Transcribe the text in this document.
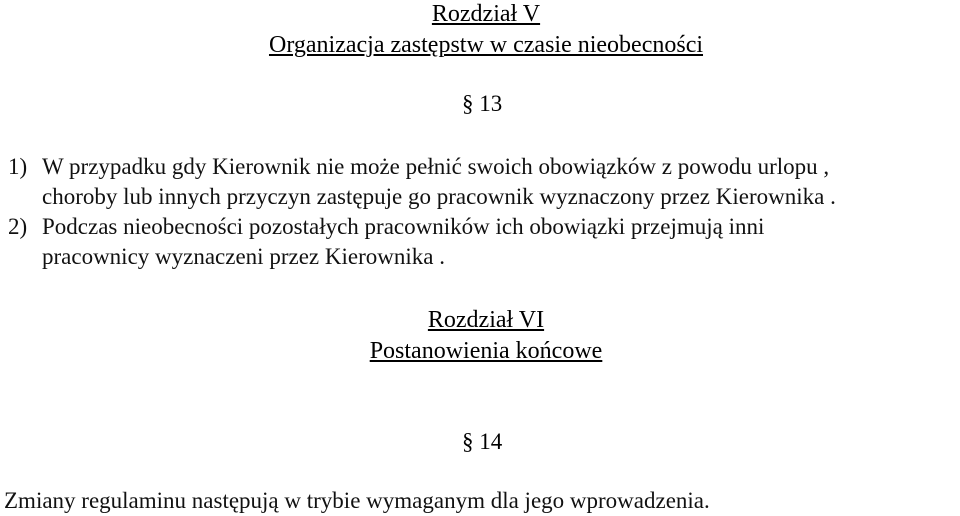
Rozdział V
Organizacja zastępstw w czasie nieobecności
§ 13
1) W przypadku gdy Kierownik nie może pełnić swoich obowiązków z powodu urlopu ,
choroby lub innych przyczyn zastępuje go pracownik wyznaczony przez Kierownika .
2) Podczas nieobecności pozostałych pracowników ich obowiązki przejmują inni
pracownicy wyznaczeni przez Kierownika .
Rozdział VI
Postanowienia końcowe
§ 14
Zmiany regulaminu następują w trybie wymaganym dla jego wprowadzenia.
